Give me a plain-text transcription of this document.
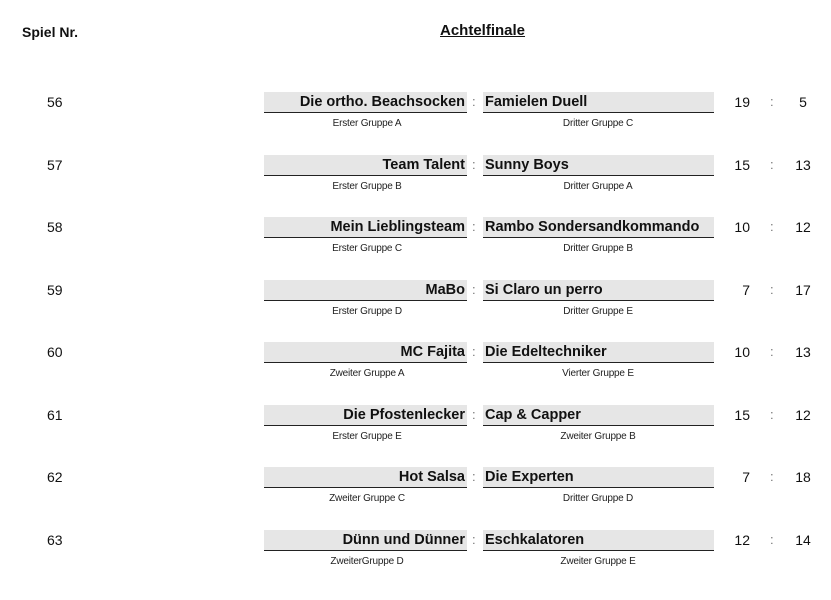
Spiel Nr.	Achtelfinale
56	Die ortho. Beachsocken : Famielen Duell	19 :	5
Erster Gruppe A	Dritter Gruppe C
57	Team Talent : Sunny Boys	15 : 13
Erster Gruppe B	Dritter Gruppe A
58	Mein Lieblingsteam : Rambo Sondersandkommando	10 : 12
Erster Gruppe C	Dritter Gruppe B
59	MaBo : Si Claro un perro	7 : 17
Erster Gruppe D	Dritter Gruppe E
60	MC Fajita : Die Edeltechniker	10 : 13
Zweiter Gruppe A	Vierter Gruppe E
61	Die Pfostenlecker : Cap & Capper	15 : 12
Erster Gruppe E	Zweiter Gruppe B
62	Hot Salsa : Die Experten	7 : 18
Zweiter Gruppe C	Dritter Gruppe D
63	Dünn und Dünner : Eschkalatoren	12 : 14
ZweiterGruppe D	Zweiter Gruppe E
